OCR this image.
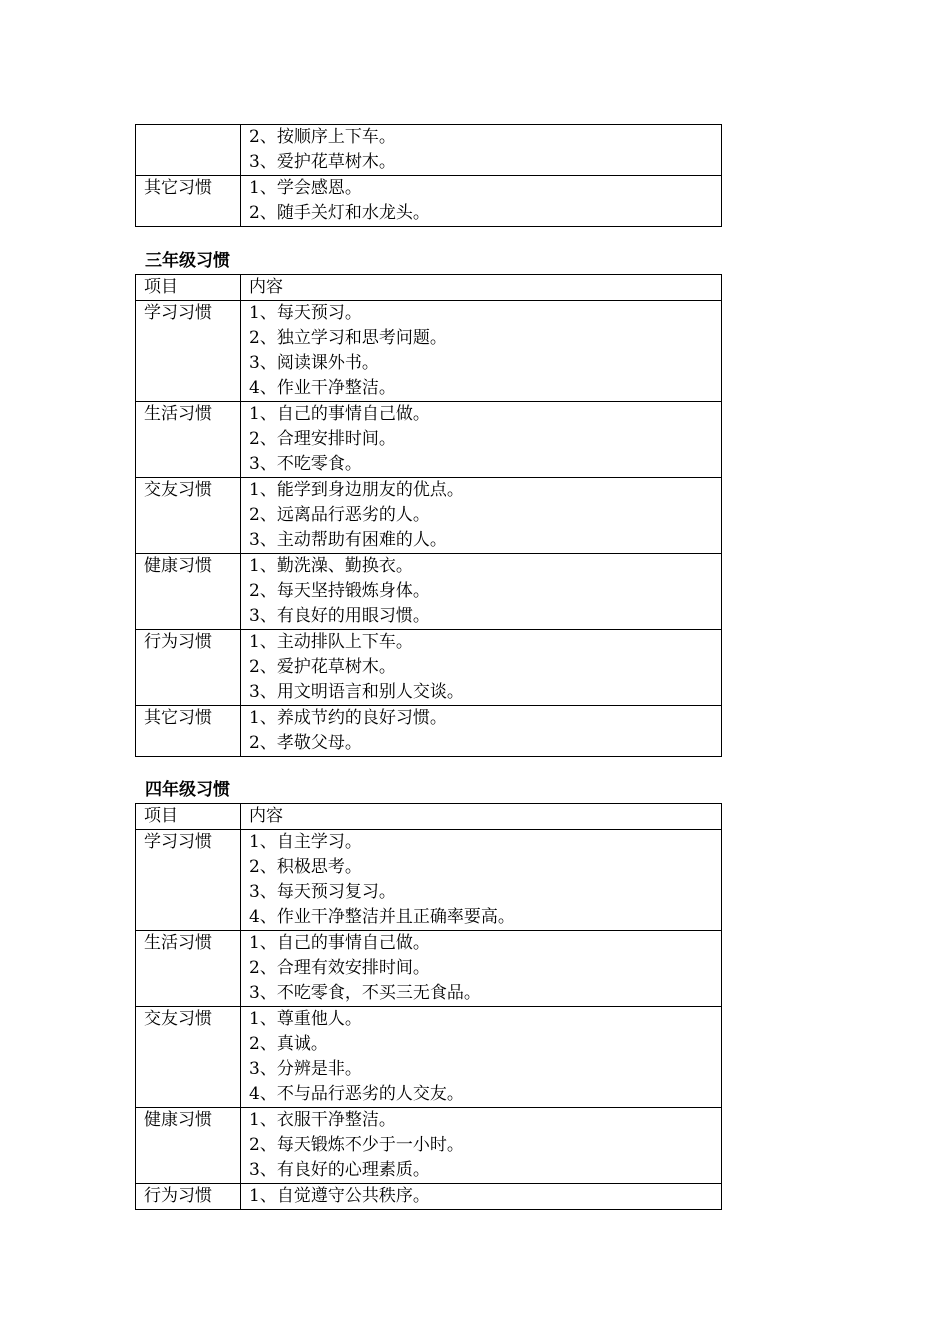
	2、按顺序上下车。
3、爱护花草树木。

其它习惯	1、学会感恩。
2、随手关灯和水龙头。
三年级习惯
项目	内容
学习习惯	1、每天预习。
2、独立学习和思考问题。
3、阅读课外书。
4、作业干净整洁。

生活习惯	1、自己的事情自己做。
2、合理安排时间。
3、不吃零食。

交友习惯	1、能学到身边朋友的优点。
2、远离品行恶劣的人。
3、主动帮助有困难的人。

健康习惯	1、勤洗澡、勤换衣。
2、每天坚持锻炼身体。
3、有良好的用眼习惯。

行为习惯	1、主动排队上下车。
2、爱护花草树木。
3、用文明语言和别人交谈。

其它习惯	1、养成节约的良好习惯。
2、孝敬父母。
四年级习惯
项目	内容
学习习惯	1、自主学习。
2、积极思考。
3、每天预习复习。
4、作业干净整洁并且正确率要高。

生活习惯	1、自己的事情自己做。
2、合理有效安排时间。
3、不吃零食，不买三无食品。

交友习惯	1、尊重他人。
2、真诚。
3、分辨是非。
4、不与品行恶劣的人交友。

健康习惯	1、衣服干净整洁。
2、每天锻炼不少于一小时。
3、有良好的心理素质。

行为习惯	1、自觉遵守公共秩序。
